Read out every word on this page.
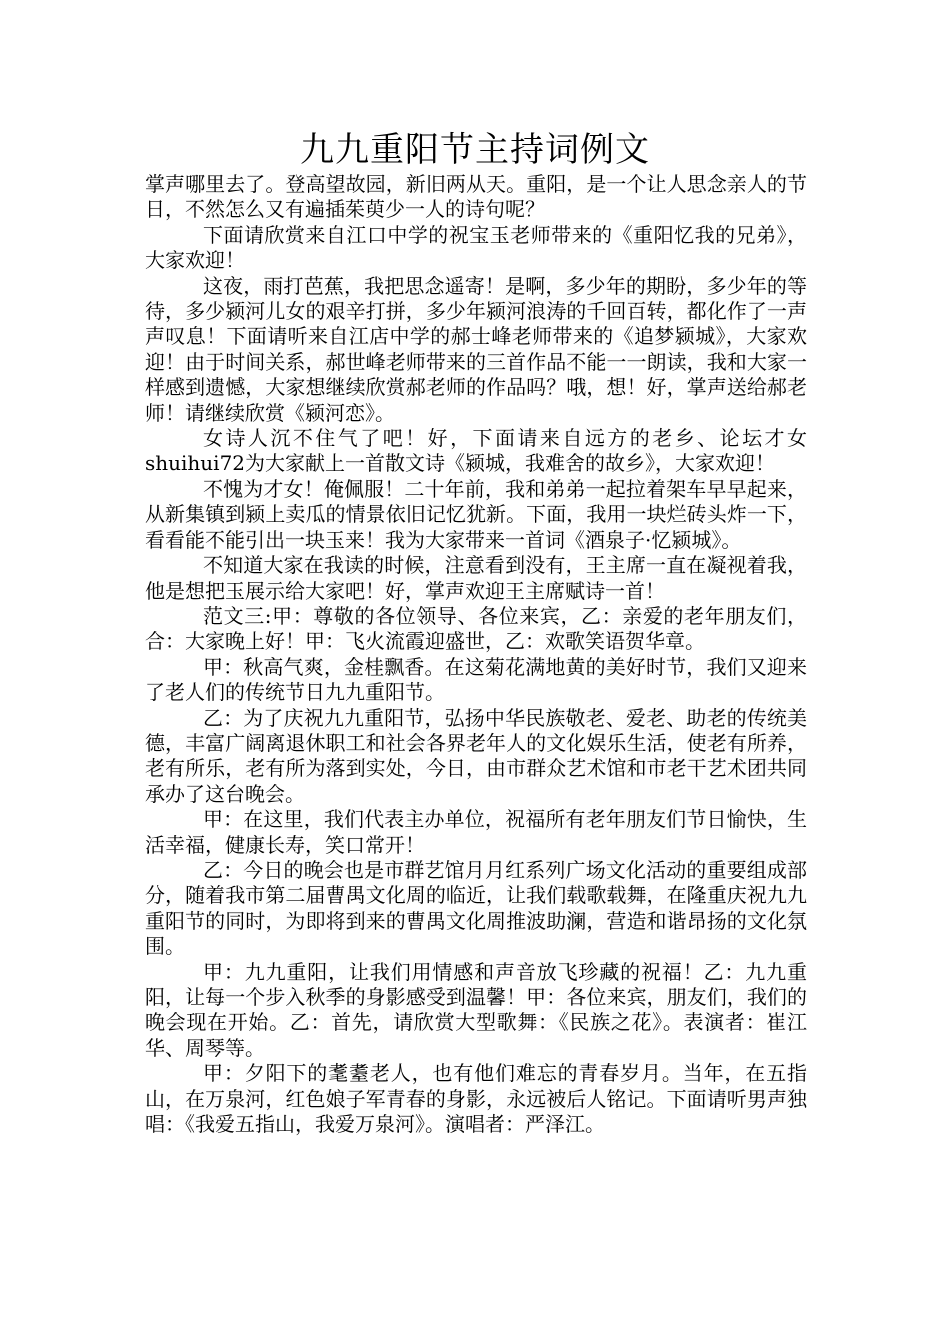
九九重阳节主持词例文

掌声哪里去了。登高望故园，新旧两从天。重阳，是一个让人思念亲人的节日，不然怎么又有遍插茱萸少一人的诗句呢？

下面请欣赏来自江口中学的祝宝玉老师带来的《重阳忆我的兄弟》，大家欢迎！

这夜，雨打芭蕉，我把思念遥寄！是啊，多少年的期盼，多少年的等待，多少颍河儿女的艰辛打拼，多少年颍河浪涛的千回百转，都化作了一声声叹息！下面请听来自江店中学的郝士峰老师带来的《追梦颍城》，大家欢迎！由于时间关系，郝世峰老师带来的三首作品不能一一朗读，我和大家一样感到遗憾，大家想继续欣赏郝老师的作品吗？哦，想！好，掌声送给郝老师！请继续欣赏《颍河恋》。

女诗人沉不住气了吧！好，下面请来自远方的老乡、论坛才女shuihui72为大家献上一首散文诗《颍城，我难舍的故乡》，大家欢迎！

不愧为才女！俺佩服！二十年前，我和弟弟一起拉着架车早早起来，从新集镇到颍上卖瓜的情景依旧记忆犹新。下面，我用一块烂砖头炸一下，看看能不能引出一块玉来！我为大家带来一首词《酒泉子·忆颍城》。

不知道大家在我读的时候，注意看到没有，王主席一直在凝视着我，他是想把玉展示给大家吧！好，掌声欢迎王主席赋诗一首！

范文三:甲：尊敬的各位领导、各位来宾，乙：亲爱的老年朋友们，合：大家晚上好！甲：飞火流霞迎盛世，乙：欢歌笑语贺华章。

甲：秋高气爽，金桂飘香。在这菊花满地黄的美好时节，我们又迎来了老人们的传统节日九九重阳节。

乙：为了庆祝九九重阳节，弘扬中华民族敬老、爱老、助老的传统美德，丰富广阔离退休职工和社会各界老年人的文化娱乐生活，使老有所养，老有所乐，老有所为落到实处，今日，由市群众艺术馆和市老干艺术团共同承办了这台晚会。

甲：在这里，我们代表主办单位，祝福所有老年朋友们节日愉快，生活幸福，健康长寿，笑口常开！

乙：今日的晚会也是市群艺馆月月红系列广场文化活动的重要组成部分，随着我市第二届曹禺文化周的临近，让我们载歌载舞，在隆重庆祝九九重阳节的同时，为即将到来的曹禺文化周推波助澜，营造和谐昂扬的文化氛围。

甲：九九重阳，让我们用情感和声音放飞珍藏的祝福！乙：九九重阳，让每一个步入秋季的身影感受到温馨！甲：各位来宾，朋友们，我们的晚会现在开始。乙：首先，请欣赏大型歌舞：《民族之花》。表演者：崔江华、周琴等。

甲：夕阳下的耄耋老人，也有他们难忘的青春岁月。当年，在五指山，在万泉河，红色娘子军青春的身影，永远被后人铭记。下面请听男声独唱：《我爱五指山，我爱万泉河》。演唱者：严泽江。
